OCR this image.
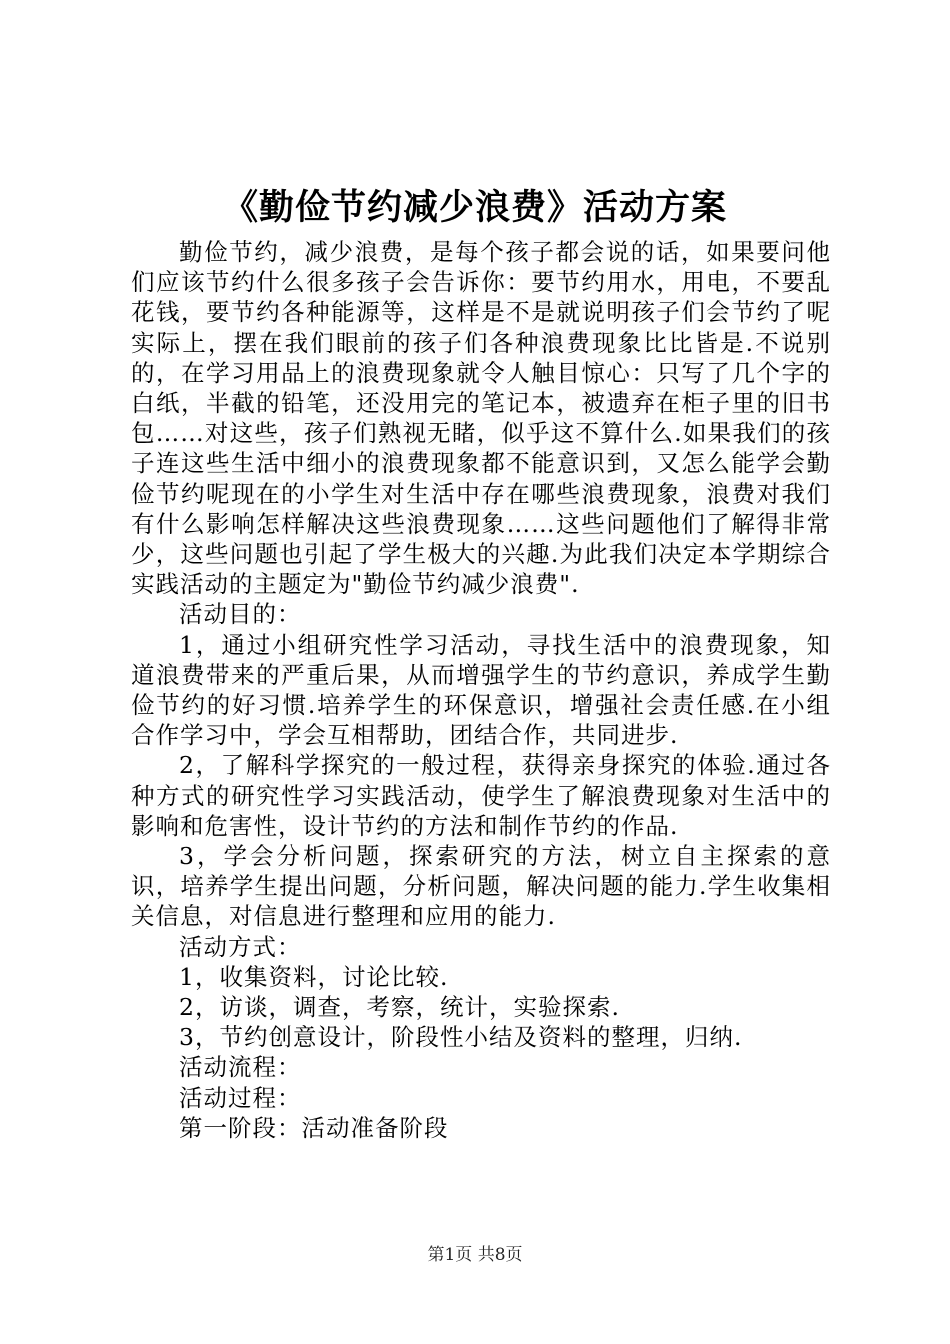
《勤俭节约减少浪费》活动方案

勤俭节约，减少浪费，是每个孩子都会说的话，如果要问他们应该节约什么很多孩子会告诉你：要节约用水，用电，不要乱花钱，要节约各种能源等，这样是不是就说明孩子们会节约了呢实际上，摆在我们眼前的孩子们各种浪费现象比比皆是.不说别的，在学习用品上的浪费现象就令人触目惊心：只写了几个字的白纸，半截的铅笔，还没用完的笔记本，被遗弃在柜子里的旧书包……对这些，孩子们熟视无睹，似乎这不算什么.如果我们的孩子连这些生活中细小的浪费现象都不能意识到，又怎么能学会勤俭节约呢现在的小学生对生活中存在哪些浪费现象，浪费对我们有什么影响怎样解决这些浪费现象……这些问题他们了解得非常少，这些问题也引起了学生极大的兴趣.为此我们决定本学期综合实践活动的主题定为"勤俭节约减少浪费".

活动目的：

1，通过小组研究性学习活动，寻找生活中的浪费现象，知道浪费带来的严重后果，从而增强学生的节约意识，养成学生勤俭节约的好习惯.培养学生的环保意识，增强社会责任感.在小组合作学习中，学会互相帮助，团结合作，共同进步.

2，了解科学探究的一般过程，获得亲身探究的体验.通过各种方式的研究性学习实践活动，使学生了解浪费现象对生活中的影响和危害性，设计节约的方法和制作节约的作品.

3，学会分析问题，探索研究的方法，树立自主探索的意识，培养学生提出问题，分析问题，解决问题的能力.学生收集相关信息，对信息进行整理和应用的能力.

活动方式：

1，收集资料，讨论比较.

2，访谈，调查，考察，统计，实验探索.

3，节约创意设计，阶段性小结及资料的整理，归纳.

活动流程：

活动过程：

第一阶段：活动准备阶段

第1页 共8页
